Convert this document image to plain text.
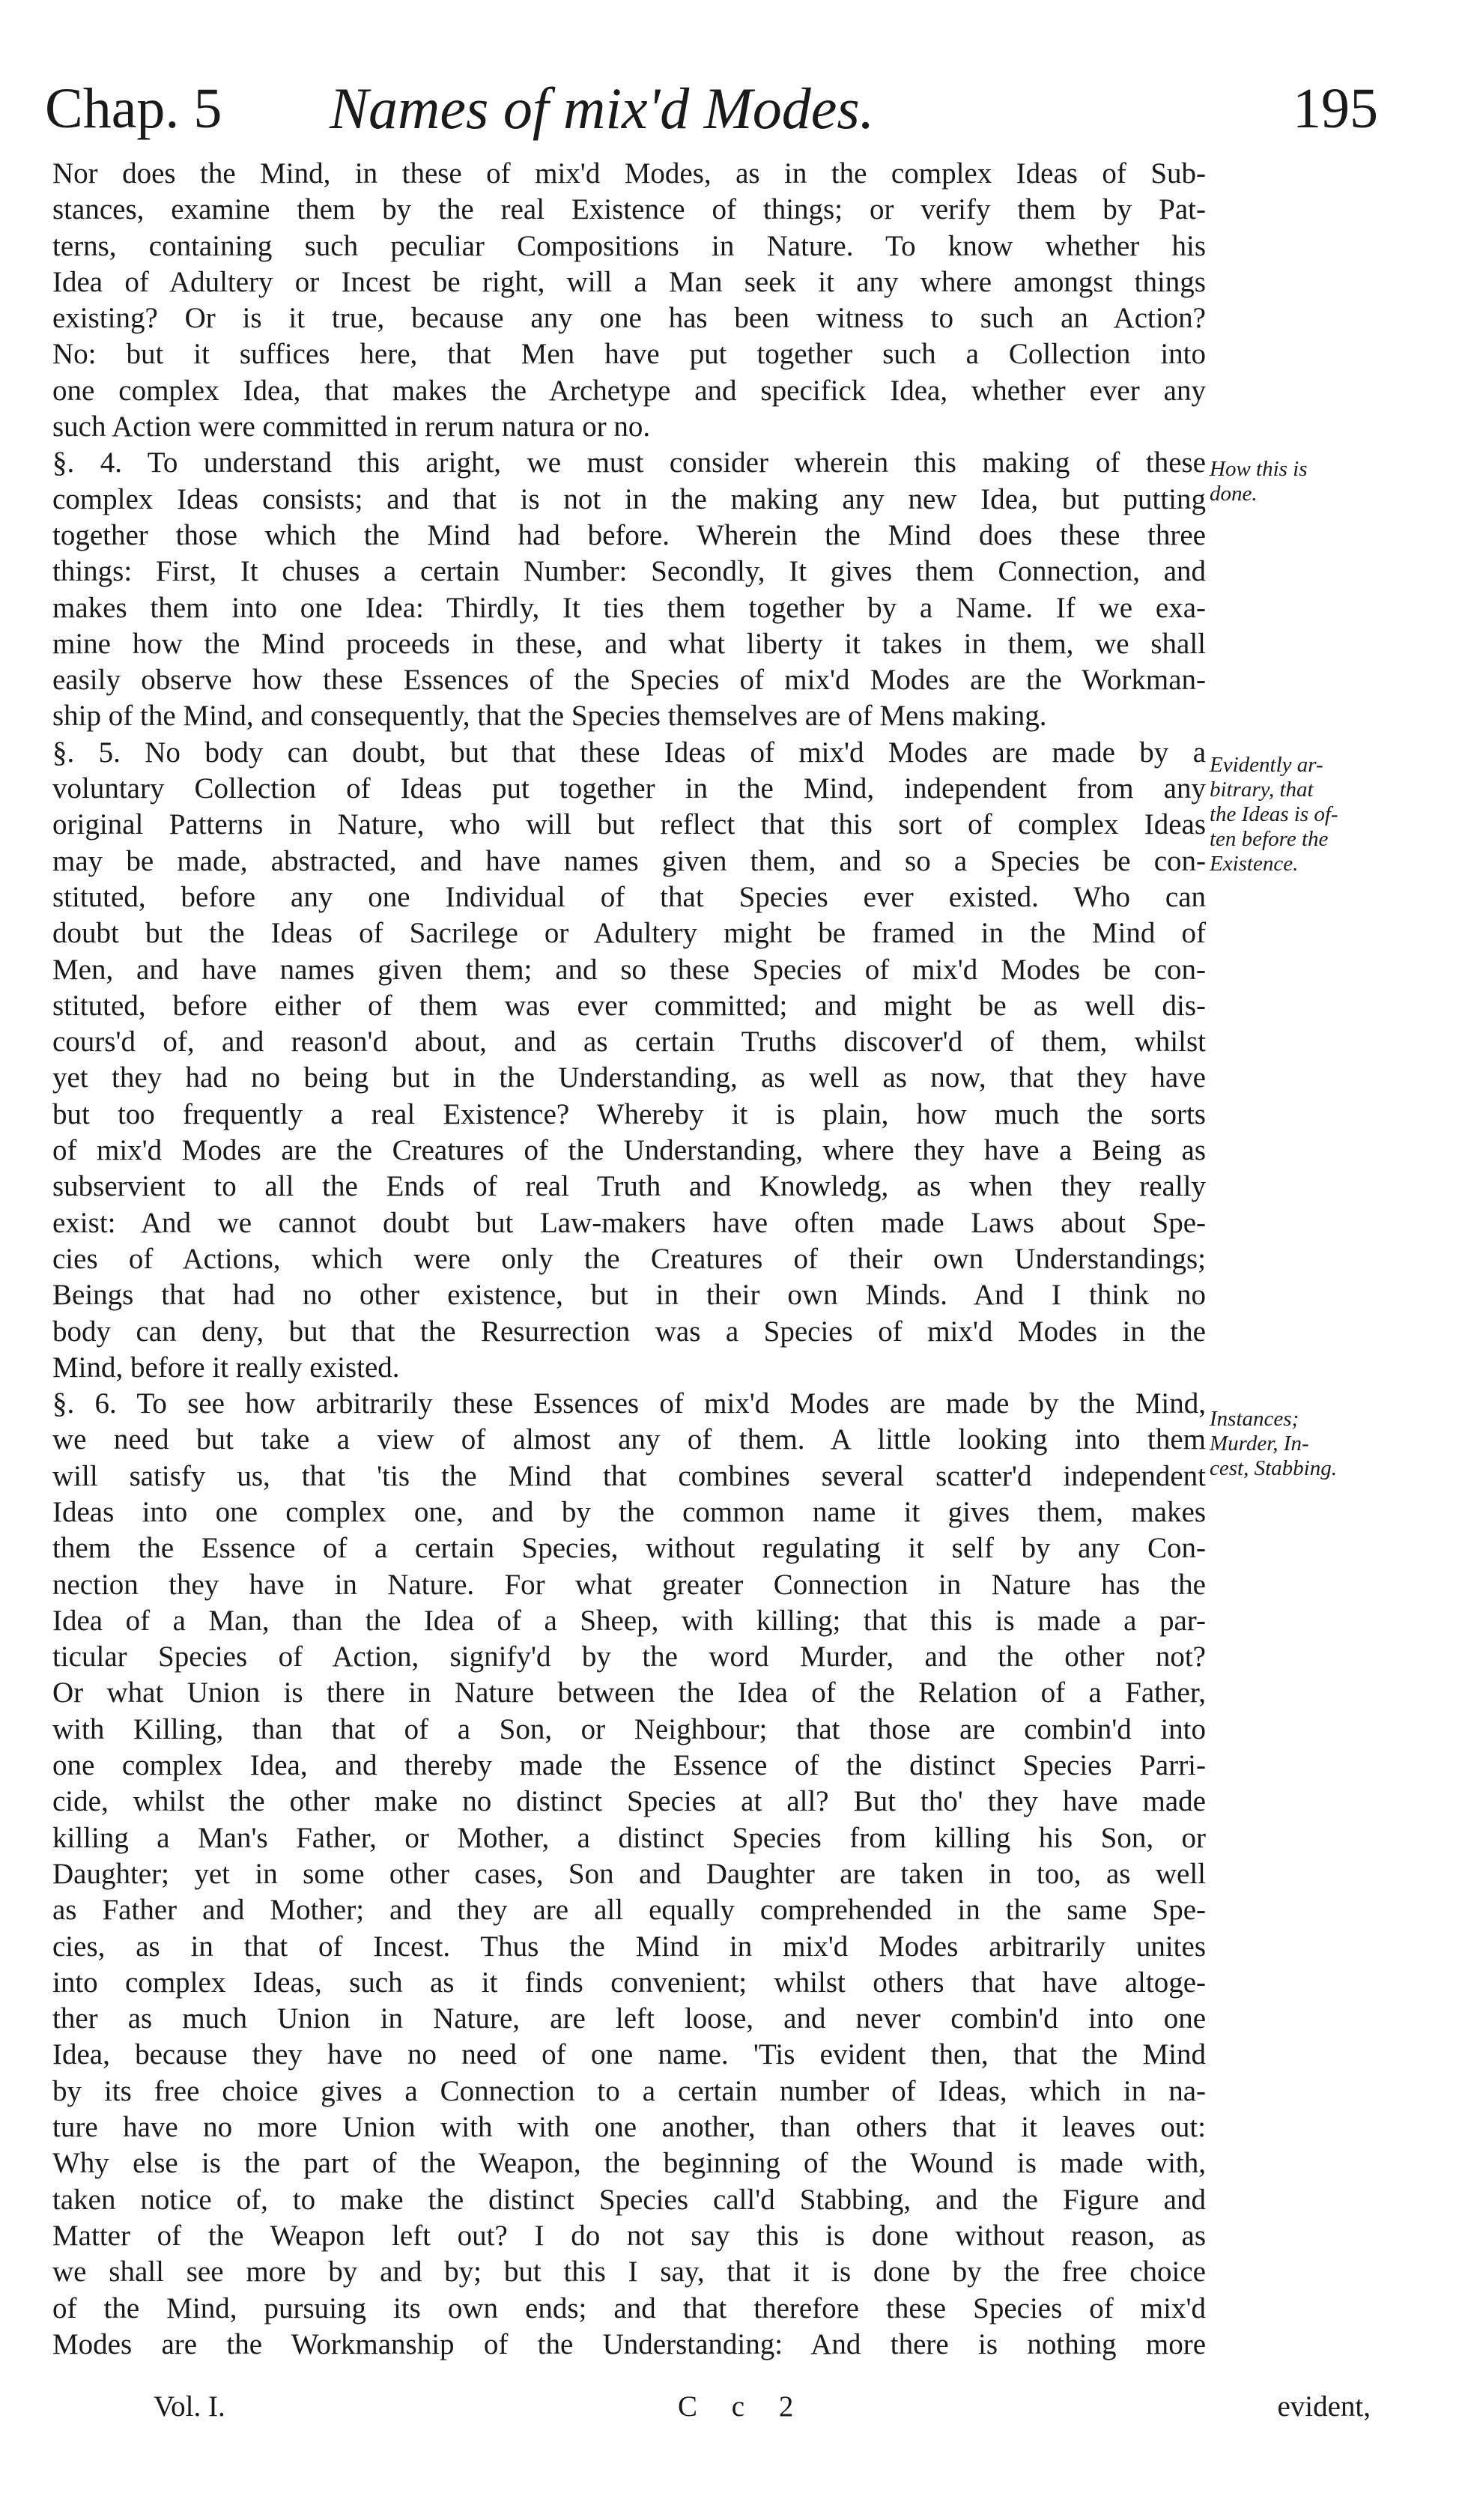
Chap. 5 Names of mix'd Modes.	195
Nor does the Mind, in these of mix'd Modes, as in the complex Ideas of Sub-
stances, examine them by the real Existence of things; or verify them by Pat-
terns, containing such peculiar Compositions in Nature. To know whether his
Idea of Adultery or Incest be right, will a Man seek it any where amongst things
existing? Or is it true, because any one has been witness to such an Action?
No: but it suffices here, that Men have put together such a Collection into
one complex Idea, that makes the Archetype and specifick Idea, whether ever any
such Action were committed in rerum natura or no.
§. 4. To understand this aright, we must consider wherein this making of these
complex Ideas consists; and that is not in the making any new Idea, but putting
together those which the Mind had before. Wherein the Mind does these three
things: First, It chuses a certain Number: Secondly, It gives them Connection, and
makes them into one Idea: Thirdly, It ties them together by a Name. If we exa-
mine how the Mind proceeds in these, and what liberty it takes in them, we shall
easily observe how these Essences of the Species of mix'd Modes are the Workman-
ship of the Mind, and consequently, that the Species themselves are of Mens making.
§. 5. No body can doubt, but that these Ideas of mix'd Modes are made by a
voluntary Collection of Ideas put together in the Mind, independent from any
original Patterns in Nature, who will but reflect that this sort of complex Ideas
may be made, abstracted, and have names given them, and so a Species be con-
stituted, before any one Individual of that Species ever existed. Who can
doubt but the Ideas of Sacrilege or Adultery might be framed in the Mind of
Men, and have names given them; and so these Species of mix'd Modes be con-
stituted, before either of them was ever committed; and might be as well dis-
cours'd of, and reason'd about, and as certain Truths discover'd of them, whilst
yet they had no being but in the Understanding, as well as now, that they have
but too frequently a real Existence? Whereby it is plain, how much the sorts
of mix'd Modes are the Creatures of the Understanding, where they have a Being as
subservient to all the Ends of real Truth and Knowledg, as when they really
exist: And we cannot doubt but Law-makers have often made Laws about Spe-
cies of Actions, which were only the Creatures of their own Understandings;
Beings that had no other existence, but in their own Minds. And I think no
body can deny, but that the Resurrection was a Species of mix'd Modes in the
Mind, before it really existed.
§. 6. To see how arbitrarily these Essences of mix'd Modes are made by the Mind,
we need but take a view of almost any of them. A little looking into them
will satisfy us, that 'tis the Mind that combines several scatter'd independent
Ideas into one complex one, and by the common name it gives them, makes
them the Essence of a certain Species, without regulating it self by any Con-
nection they have in Nature. For what greater Connection in Nature has the
Idea of a Man, than the Idea of a Sheep, with killing; that this is made a par-
ticular Species of Action, signify'd by the word Murder, and the other not?
Or what Union is there in Nature between the Idea of the Relation of a Father,
with Killing, than that of a Son, or Neighbour; that those are combin'd into
one complex Idea, and thereby made the Essence of the distinct Species Parri-
cide, whilst the other make no distinct Species at all? But tho' they have made
killing a Man's Father, or Mother, a distinct Species from killing his Son, or
Daughter; yet in some other cases, Son and Daughter are taken in too, as well
as Father and Mother; and they are all equally comprehended in the same Spe-
cies, as in that of Incest. Thus the Mind in mix'd Modes arbitrarily unites
into complex Ideas, such as it finds convenient; whilst others that have altoge-
ther as much Union in Nature, are left loose, and never combin'd into one
Idea, because they have no need of one name. 'Tis evident then, that the Mind
by its free choice gives a Connection to a certain number of Ideas, which in na-
ture have no more Union with with one another, than others that it leaves out:
Why else is the part of the Weapon, the beginning of the Wound is made with,
taken notice of, to make the distinct Species call'd Stabbing, and the Figure and
Matter of the Weapon left out? I do not say this is done without reason, as
we shall see more by and by; but this I say, that it is done by the free choice
of the Mind, pursuing its own ends; and that therefore these Species of mix'd
Modes are the Workmanship of the Understanding: And there is nothing more
How this is
done.
Evidently ar-
bitrary, that
the Ideas is of-
ten before the
Existence.
Instances;
Murder, In-
cest, Stabbing.
Vol. I.	C c 2	evident,
